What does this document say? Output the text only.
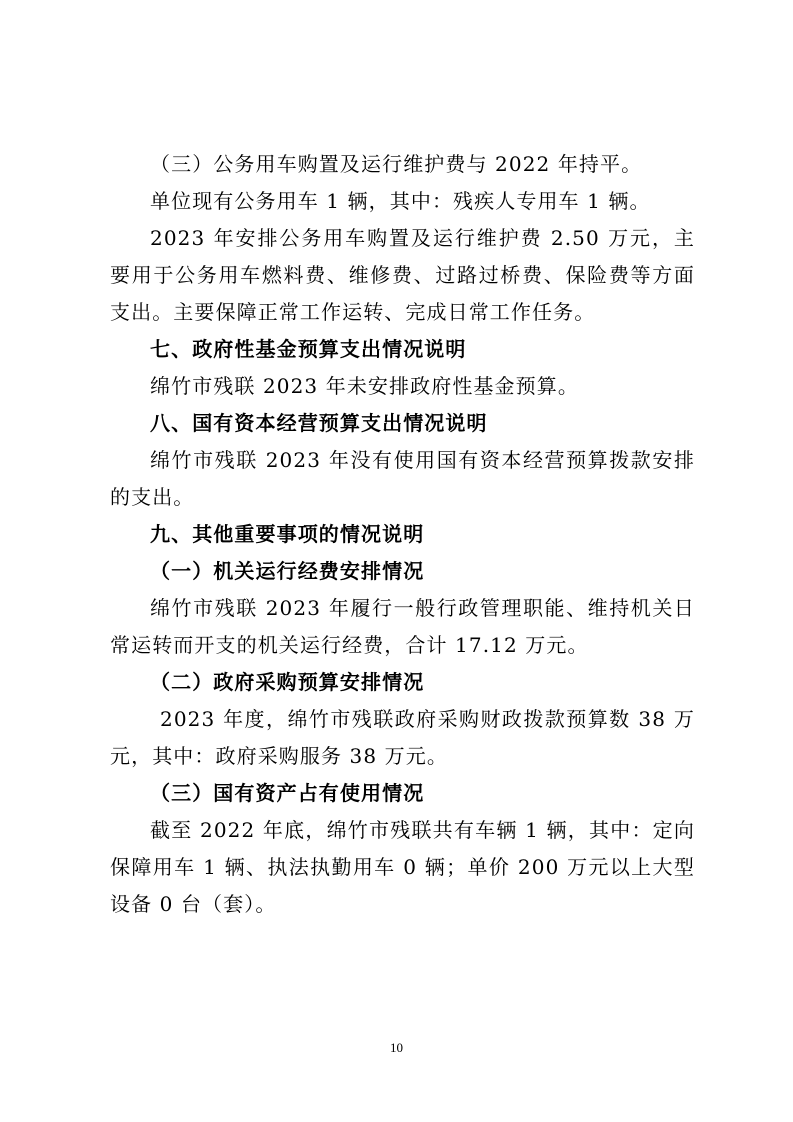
（三）公务用车购置及运行维护费与 2022 年持平。

单位现有公务用车 1 辆，其中：残疾人专用车 1 辆。

2023 年安排公务用车购置及运行维护费 2.50 万元，主要用于公务用车燃料费、维修费、过路过桥费、保险费等方面支出。主要保障正常工作运转、完成日常工作任务。

七、政府性基金预算支出情况说明

绵竹市残联 2023 年未安排政府性基金预算。

八、国有资本经营预算支出情况说明

绵竹市残联 2023 年没有使用国有资本经营预算拨款安排的支出。

九、其他重要事项的情况说明

（一）机关运行经费安排情况

绵竹市残联 2023 年履行一般行政管理职能、维持机关日常运转而开支的机关运行经费，合计 17.12 万元。

（二）政府采购预算安排情况

2023 年度，绵竹市残联政府采购财政拨款预算数 38 万元，其中：政府采购服务 38 万元。

（三）国有资产占有使用情况

截至 2022 年底，绵竹市残联共有车辆 1 辆，其中：定向保障用车 1 辆、执法执勤用车 0 辆；单价 200 万元以上大型设备 0 台（套）。

10
